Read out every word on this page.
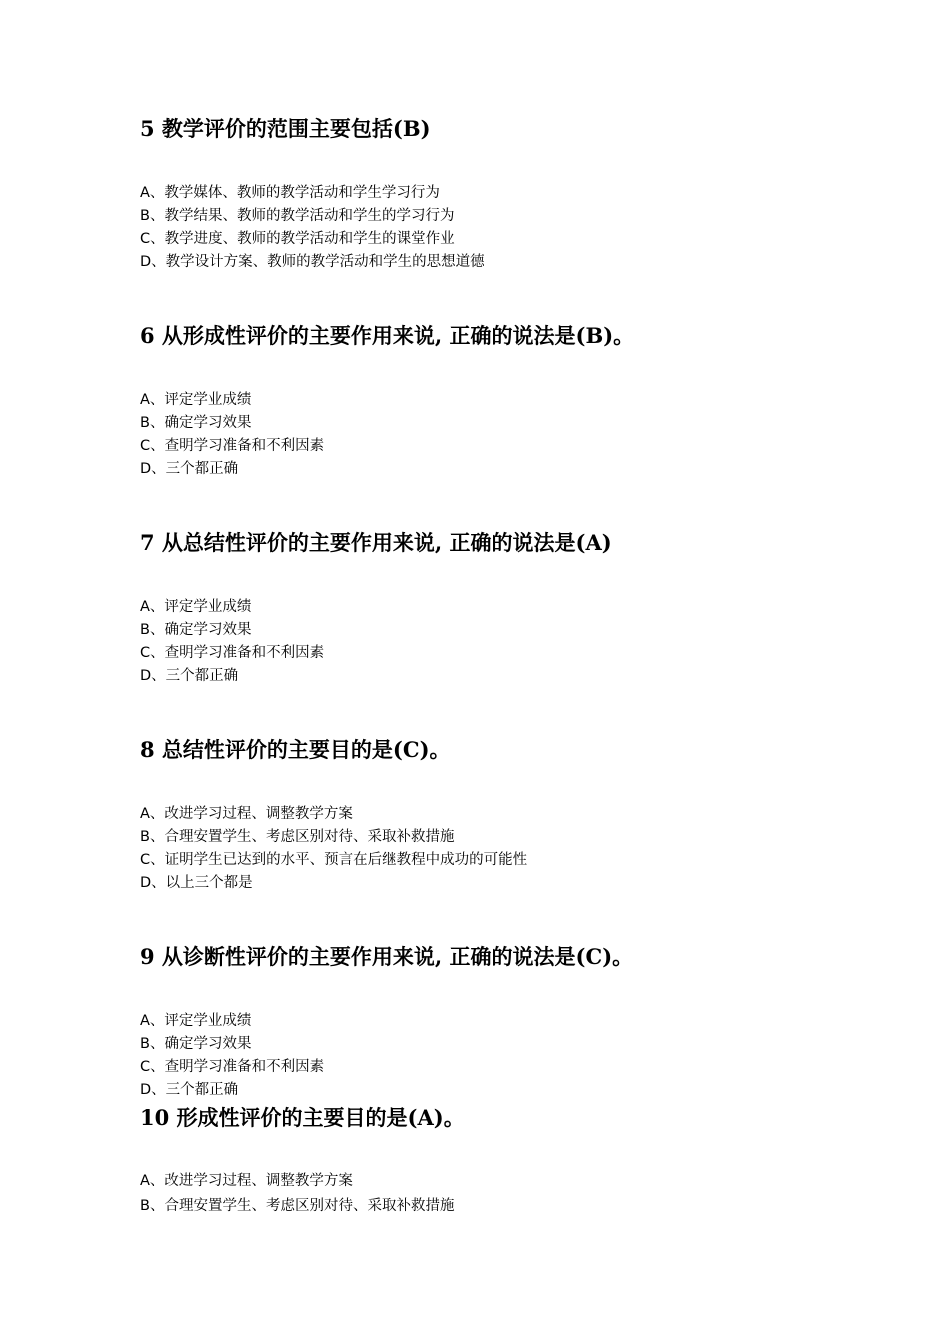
5 教学评价的范围主要包括(B)
A、教学媒体、教师的教学活动和学生学习行为
B、教学结果、教师的教学活动和学生的学习行为
C、教学进度、教师的教学活动和学生的课堂作业
D、教学设计方案、教师的教学活动和学生的思想道德
6 从形成性评价的主要作用来说, 正确的说法是(B)。
A、评定学业成绩
B、确定学习效果
C、查明学习准备和不利因素
D、三个都正确
7 从总结性评价的主要作用来说, 正确的说法是(A)
A、评定学业成绩
B、确定学习效果
C、查明学习准备和不利因素
D、三个都正确
8 总结性评价的主要目的是(C)。
A、改进学习过程、调整教学方案
B、合理安置学生、考虑区别对待、采取补救措施
C、证明学生已达到的水平、预言在后继教程中成功的可能性
D、以上三个都是
9 从诊断性评价的主要作用来说, 正确的说法是(C)。
A、评定学业成绩
B、确定学习效果
C、查明学习准备和不利因素
D、三个都正确
10 形成性评价的主要目的是(A)。
A、改进学习过程、调整教学方案
B、合理安置学生、考虑区别对待、采取补救措施
